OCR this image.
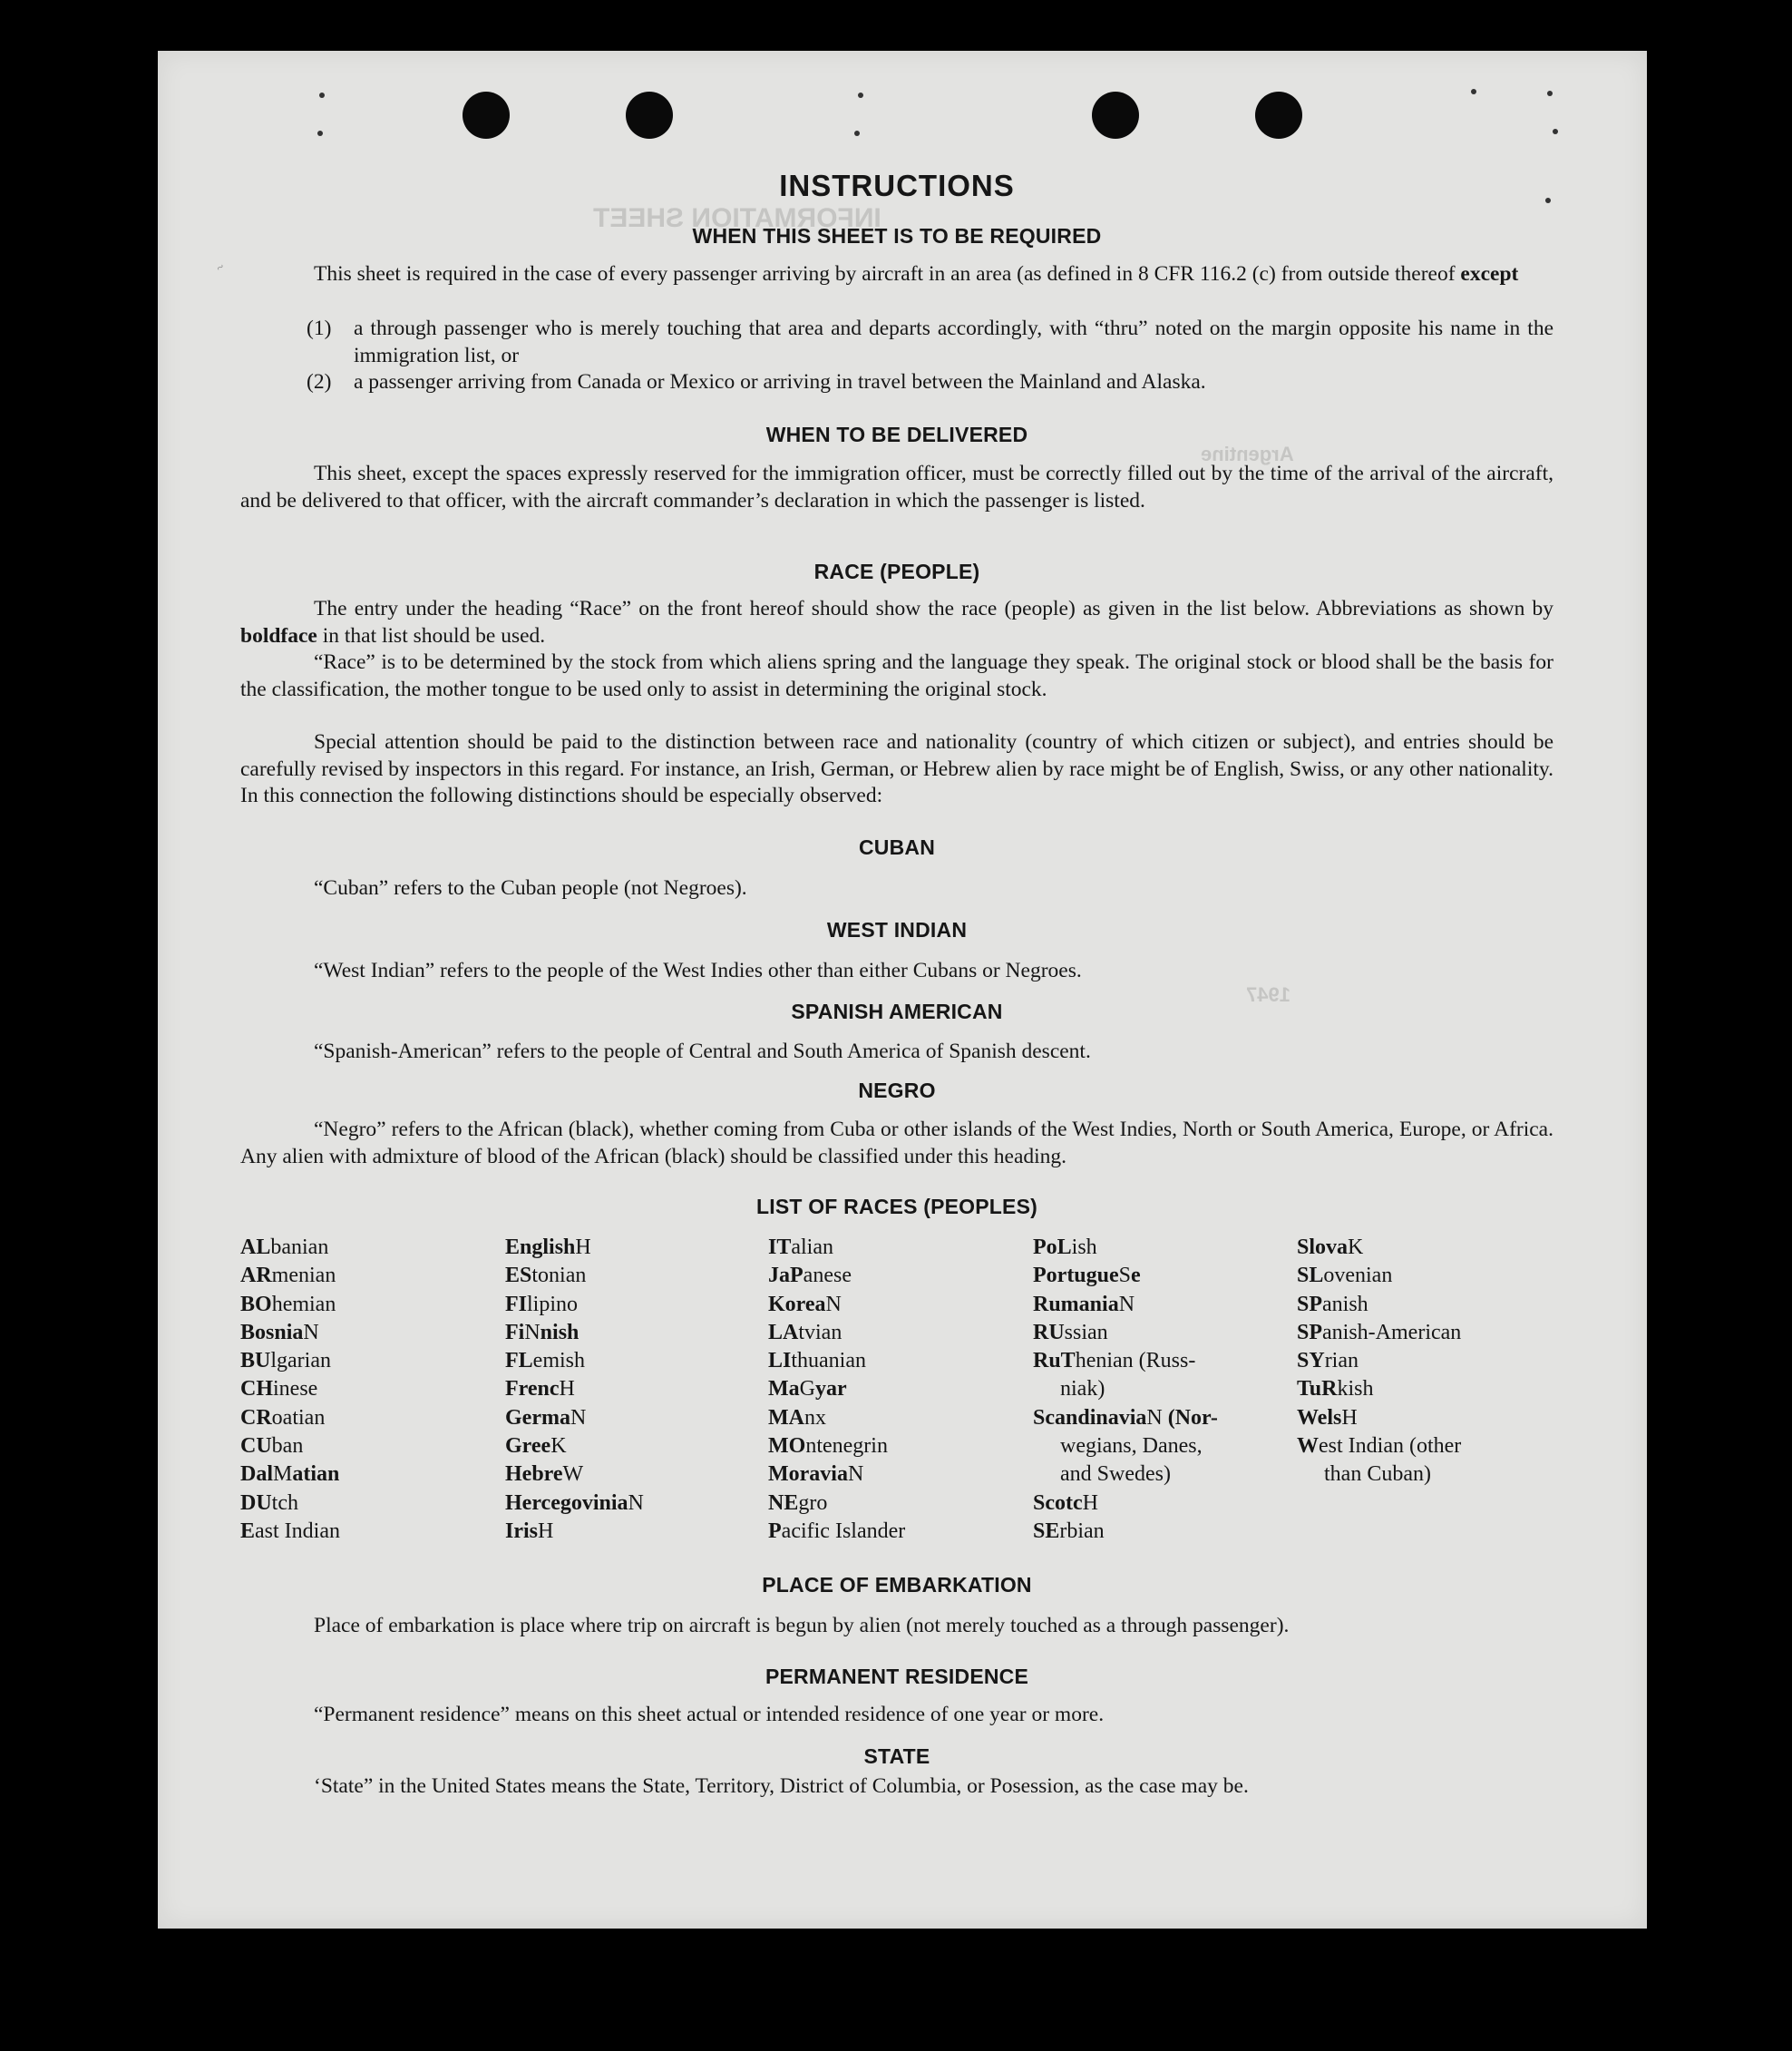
INFORMATION SHEET
Argentine
1947
~
INSTRUCTIONS
WHEN THIS SHEET IS TO BE REQUIRED
This sheet is required in the case of every passenger arriving by aircraft in an area (as defined in 8 CFR 116.2 (c) from outside thereof except
(1) a through passenger who is merely touching that area and departs accordingly, with “thru” noted on the margin opposite his name in the immigration list, or
(2) a passenger arriving from Canada or Mexico or arriving in travel between the Mainland and Alaska.
WHEN TO BE DELIVERED
This sheet, except the spaces expressly reserved for the immigration officer, must be correctly filled out by the time of the arrival of the aircraft, and be delivered to that officer, with the aircraft commander’s declaration in which the passenger is listed.
RACE (PEOPLE)
The entry under the heading “Race” on the front hereof should show the race (people) as given in the list below. Abbreviations as shown by boldface in that list should be used.
“Race” is to be determined by the stock from which aliens spring and the language they speak. The original stock or blood shall be the basis for the classification, the mother tongue to be used only to assist in determining the original stock.
Special attention should be paid to the distinction between race and nationality (country of which citizen or subject), and entries should be carefully revised by inspectors in this regard. For instance, an Irish, German, or Hebrew alien by race might be of English, Swiss, or any other nationality. In this connection the following distinctions should be especially observed:
CUBAN
“Cuban” refers to the Cuban people (not Negroes).
WEST INDIAN
“West Indian” refers to the people of the West Indies other than either Cubans or Negroes.
SPANISH AMERICAN
“Spanish-American” refers to the people of Central and South America of Spanish descent.
NEGRO
“Negro” refers to the African (black), whether coming from Cuba or other islands of the West Indies, North or South America, Europe, or Africa. Any alien with admixture of blood of the African (black) should be classified under this heading.
LIST OF RACES (PEOPLES)
ALbanian
ARmenian
BOhemian
BosniaN
BUlgarian
CHinese
CRoatian
CUban
DalMatian
DUtch
East Indian
EnglishH
EStonian
FIlipino
FiNnish
FLemish
FrencH
GermaN
GreeK
HebreW
HercegoviniaN
IrisH
ITalian
JaPanese
KoreaN
LAtvian
LIthuanian
MaGyar
MAnx
MOntenegrin
MoraviaN
NEgro
Pacific Islander
PoLish
PortugueSe
RumaniaN
RUssian
RuThenian (Russ-
niak)
ScandinaviaN (Nor-
wegians, Danes,
and Swedes)
ScotcH
SErbian
SlovaK
SLovenian
SPanish
SPanish-American
SYrian
TuRkish
WelsH
West Indian (other
than Cuban)
PLACE OF EMBARKATION
Place of embarkation is place where trip on aircraft is begun by alien (not merely touched as a through passenger).
PERMANENT RESIDENCE
“Permanent residence” means on this sheet actual or intended residence of one year or more.
STATE
‘State” in the United States means the State, Territory, District of Columbia, or Posession, as the case may be.
